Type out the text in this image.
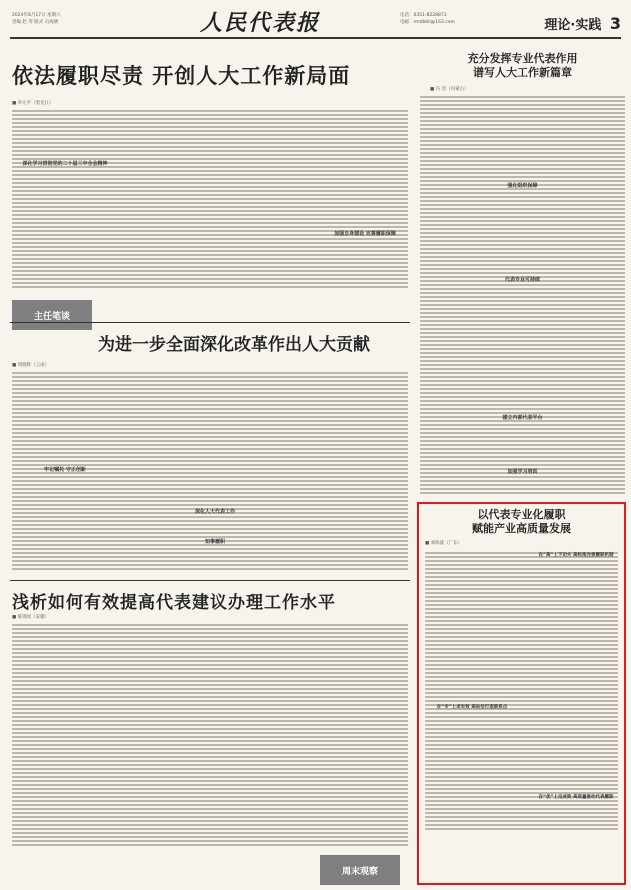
2024年8月17日 星期六
责编 赵 琴 版式 石海鸥	人民代表报	电话：0351-8228873
电邮：rmdbbll@163.com	理论·实践 3
依法履职尽责 开创人大工作新局面
■ 李元平（黑龙江）
深化学习贯彻党的二十届三中全会精神
加强自身建设 完善履职保障
主任笔谈
充分发挥专业代表作用
谱写人大工作新篇章
■ 冯 浩（内蒙古）
强化组织保障
代表专业可持续
建立内部代表平台
加强学习培训
为进一步全面深化改革作出人大贡献
■ 周晓辉（云南）
牢记嘱托 守正创新
深化人大代表工作
知事履职
浅析如何有效提高代表建议办理工作水平
■ 陈锦瑶（安徽）
周末观察
以代表专业化履职
赋能产业高质量发展
■ 刘海波（广东）
在“高”上下功夫 高标准完善履职机制
在“专”上求实效 高站位打造联系点
在“优”上见成效 高质量推动代表履职
